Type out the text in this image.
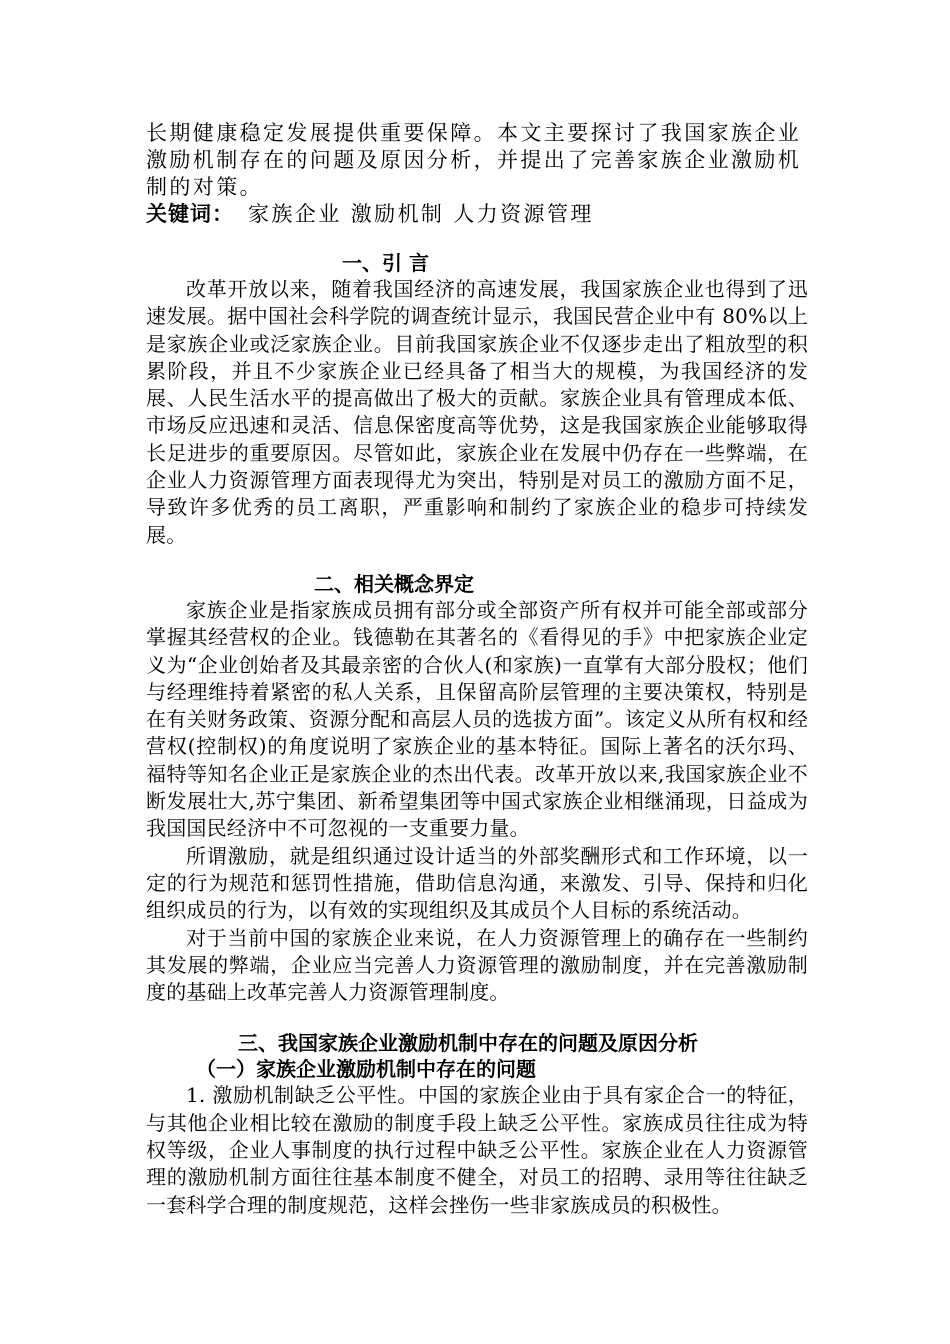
长期健康稳定发展提供重要保障。本文主要探讨了我国家族企业激励机制存在的问题及原因分析，并提出了完善家族企业激励机制的对策。

关键词： 家族企业 激励机制 人力资源管理

一、引 言

改革开放以来，随着我国经济的高速发展，我国家族企业也得到了迅速发展。据中国社会科学院的调查统计显示，我国民营企业中有 80%以上是家族企业或泛家族企业。目前我国家族企业不仅逐步走出了粗放型的积累阶段，并且不少家族企业已经具备了相当大的规模，为我国经济的发展、人民生活水平的提高做出了极大的贡献。家族企业具有管理成本低、市场反应迅速和灵活、信息保密度高等优势，这是我国家族企业能够取得长足进步的重要原因。尽管如此，家族企业在发展中仍存在一些弊端，在企业人力资源管理方面表现得尤为突出，特别是对员工的激励方面不足，导致许多优秀的员工离职，严重影响和制约了家族企业的稳步可持续发展。

二、相关概念界定

家族企业是指家族成员拥有部分或全部资产所有权并可能全部或部分掌握其经营权的企业。钱德勒在其著名的《看得见的手》中把家族企业定义为“企业创始者及其最亲密的合伙人(和家族)一直掌有大部分股权；他们与经理维持着紧密的私人关系，且保留高阶层管理的主要决策权，特别是在有关财务政策、资源分配和高层人员的选拔方面”。该定义从所有权和经营权(控制权)的角度说明了家族企业的基本特征。国际上著名的沃尔玛、福特等知名企业正是家族企业的杰出代表。改革开放以来,我国家族企业不断发展壮大,苏宁集团、新希望集团等中国式家族企业相继涌现，日益成为我国国民经济中不可忽视的一支重要力量。

所谓激励，就是组织通过设计适当的外部奖酬形式和工作环境，以一定的行为规范和惩罚性措施，借助信息沟通，来激发、引导、保持和归化组织成员的行为，以有效的实现组织及其成员个人目标的系统活动。

对于当前中国的家族企业来说，在人力资源管理上的确存在一些制约其发展的弊端，企业应当完善人力资源管理的激励制度，并在完善激励制度的基础上改革完善人力资源管理制度。

三、我国家族企业激励机制中存在的问题及原因分析
（一）家族企业激励机制中存在的问题

1. 激励机制缺乏公平性。中国的家族企业由于具有家企合一的特征，与其他企业相比较在激励的制度手段上缺乏公平性。家族成员往往成为特权等级，企业人事制度的执行过程中缺乏公平性。家族企业在人力资源管理的激励机制方面往往基本制度不健全，对员工的招聘、录用等往往缺乏一套科学合理的制度规范，这样会挫伤一些非家族成员的积极性。
